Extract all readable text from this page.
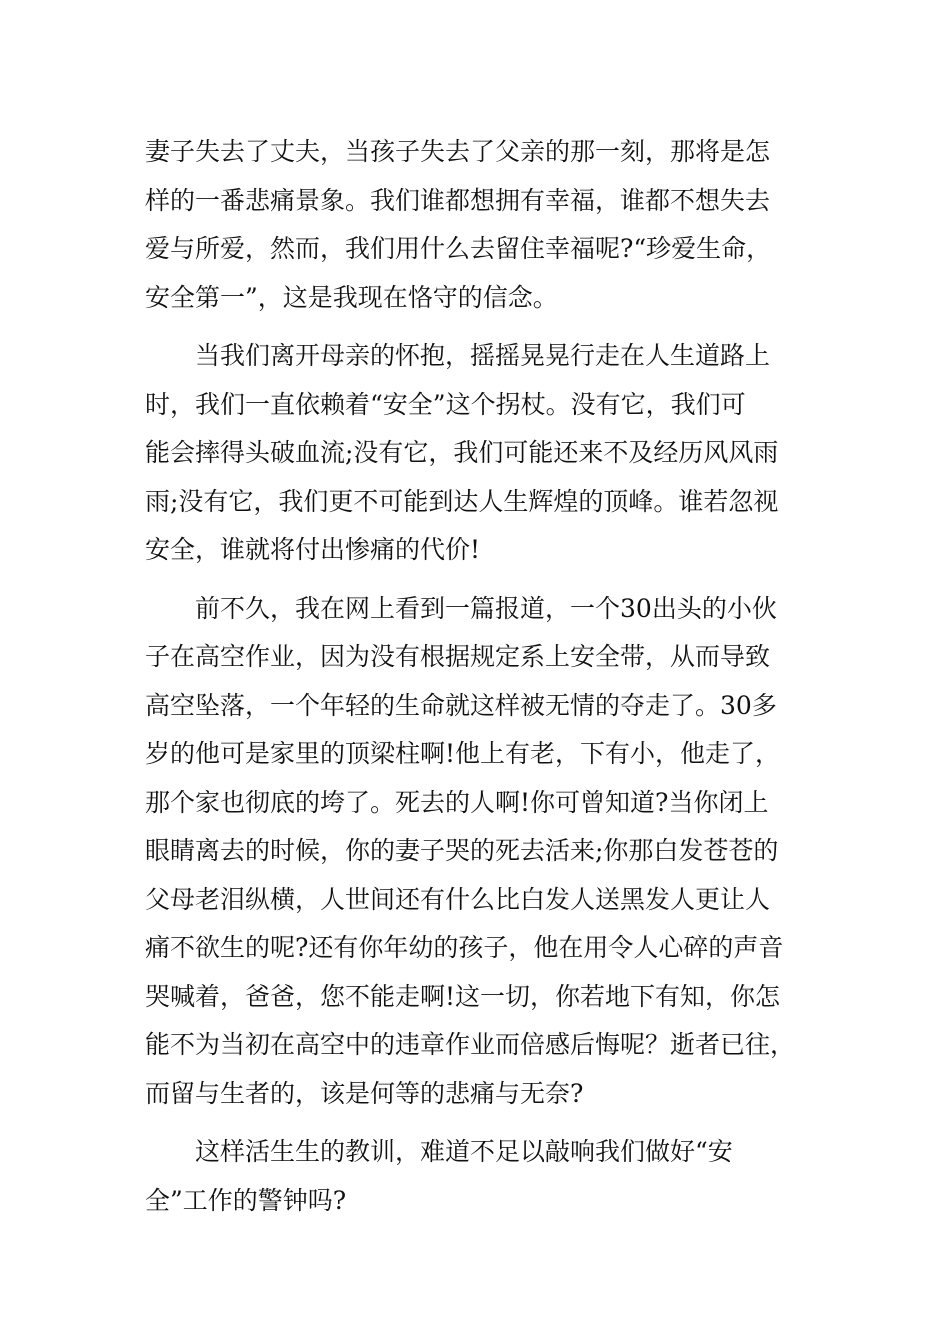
妻子失去了丈夫，当孩子失去了父亲的那一刻，那将是怎
样的一番悲痛景象。我们谁都想拥有幸福，谁都不想失去
爱与所爱，然而，我们用什么去留住幸福呢?“珍爱生命，
安全第一”，这是我现在恪守的信念。
　　当我们离开母亲的怀抱，摇摇晃晃行走在人生道路上
时，我们一直依赖着“安全”这个拐杖。没有它，我们可
能会摔得头破血流;没有它，我们可能还来不及经历风风雨
雨;没有它，我们更不可能到达人生辉煌的顶峰。谁若忽视
安全，谁就将付出惨痛的代价!
　　前不久，我在网上看到一篇报道，一个30出头的小伙
子在高空作业，因为没有根据规定系上安全带，从而导致
高空坠落，一个年轻的生命就这样被无情的夺走了。30多
岁的他可是家里的顶梁柱啊!他上有老，下有小，他走了，
那个家也彻底的垮了。死去的人啊!你可曾知道?当你闭上
眼睛离去的时候，你的妻子哭的死去活来;你那白发苍苍的
父母老泪纵横，人世间还有什么比白发人送黑发人更让人
痛不欲生的呢?还有你年幼的孩子，他在用令人心碎的声音
哭喊着，爸爸，您不能走啊!这一切，你若地下有知，你怎
能不为当初在高空中的违章作业而倍感后悔呢？逝者已往，
而留与生者的，该是何等的悲痛与无奈?
　　这样活生生的教训，难道不足以敲响我们做好“安
全”工作的警钟吗?
